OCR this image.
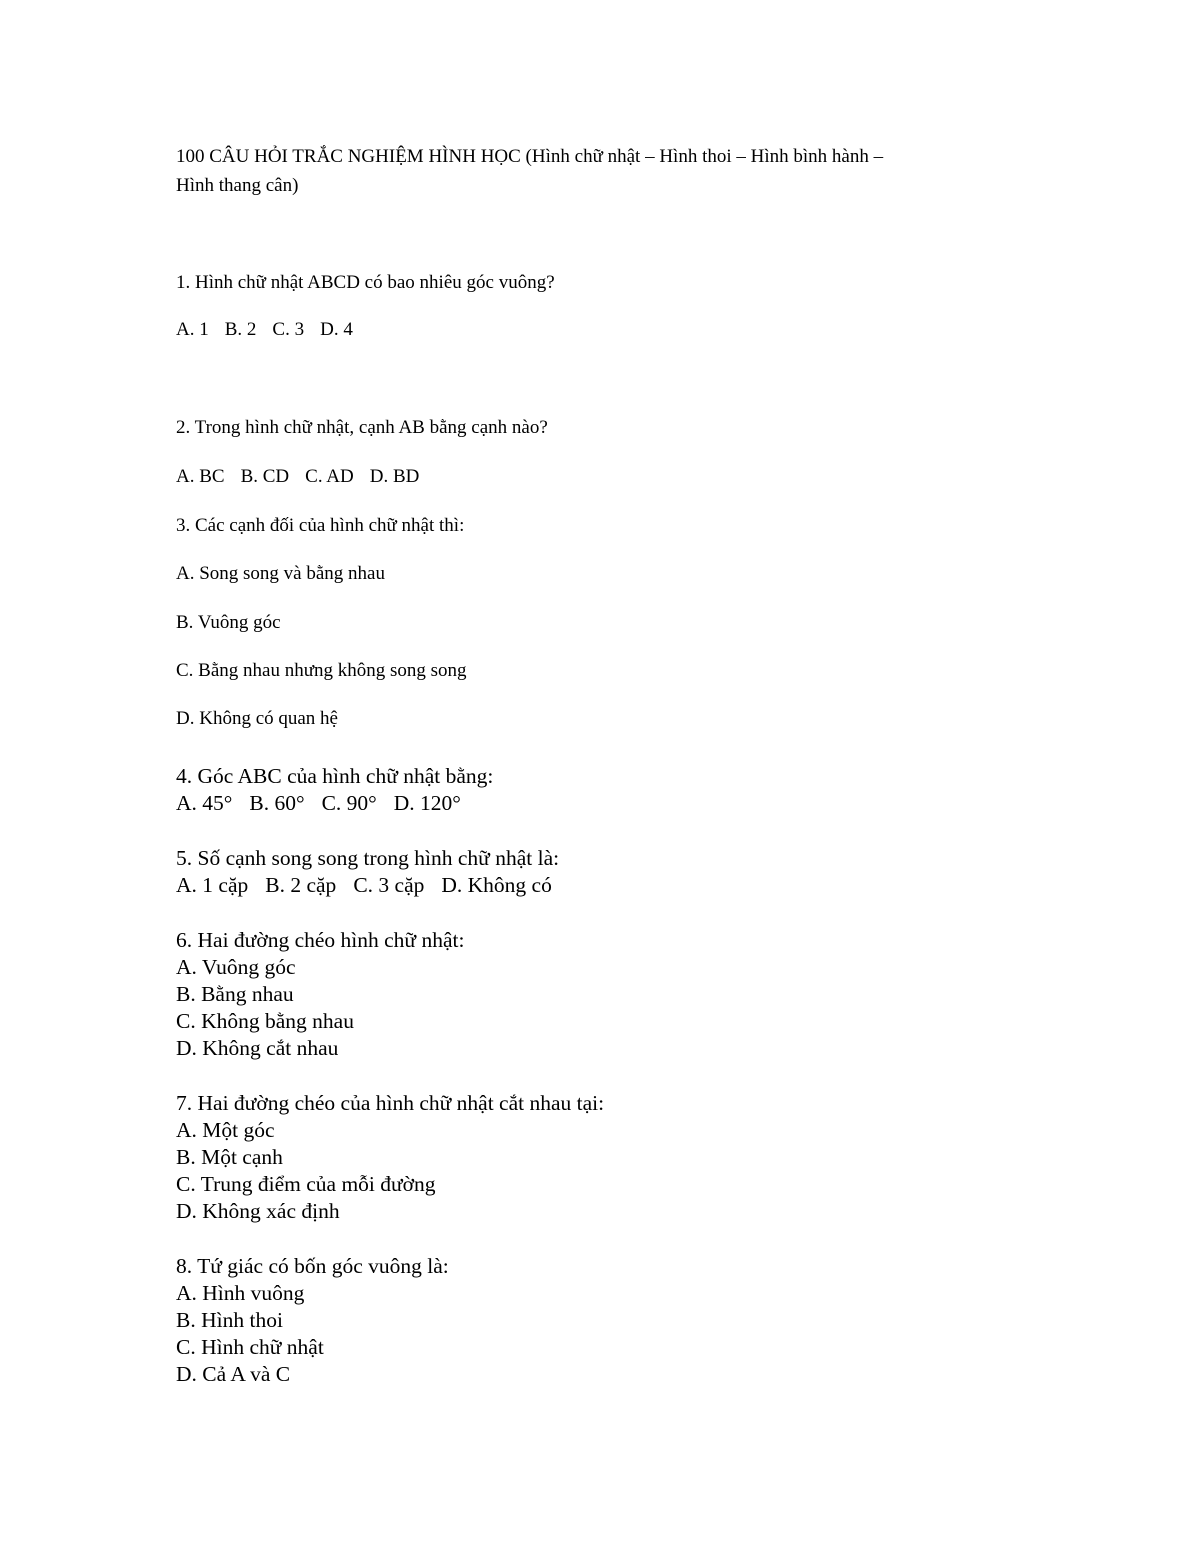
100 CÂU HỎI TRẮC NGHIỆM HÌNH HỌC (Hình chữ nhật – Hình thoi – Hình bình hành –
Hình thang cân)
1. Hình chữ nhật ABCD có bao nhiêu góc vuông?
A. 1 B. 2 C. 3 D. 4
2. Trong hình chữ nhật, cạnh AB bằng cạnh nào?
A. BC B. CD C. AD D. BD
3. Các cạnh đối của hình chữ nhật thì:
A. Song song và bằng nhau
B. Vuông góc
C. Bằng nhau nhưng không song song
D. Không có quan hệ
4. Góc ABC của hình chữ nhật bằng:
A. 45° B. 60° C. 90° D. 120°
5. Số cạnh song song trong hình chữ nhật là:
A. 1 cặp B. 2 cặp C. 3 cặp D. Không có
6. Hai đường chéo hình chữ nhật:
A. Vuông góc
B. Bằng nhau
C. Không bằng nhau
D. Không cắt nhau
7. Hai đường chéo của hình chữ nhật cắt nhau tại:
A. Một góc
B. Một cạnh
C. Trung điểm của mỗi đường
D. Không xác định
8. Tứ giác có bốn góc vuông là:
A. Hình vuông
B. Hình thoi
C. Hình chữ nhật
D. Cả A và C
